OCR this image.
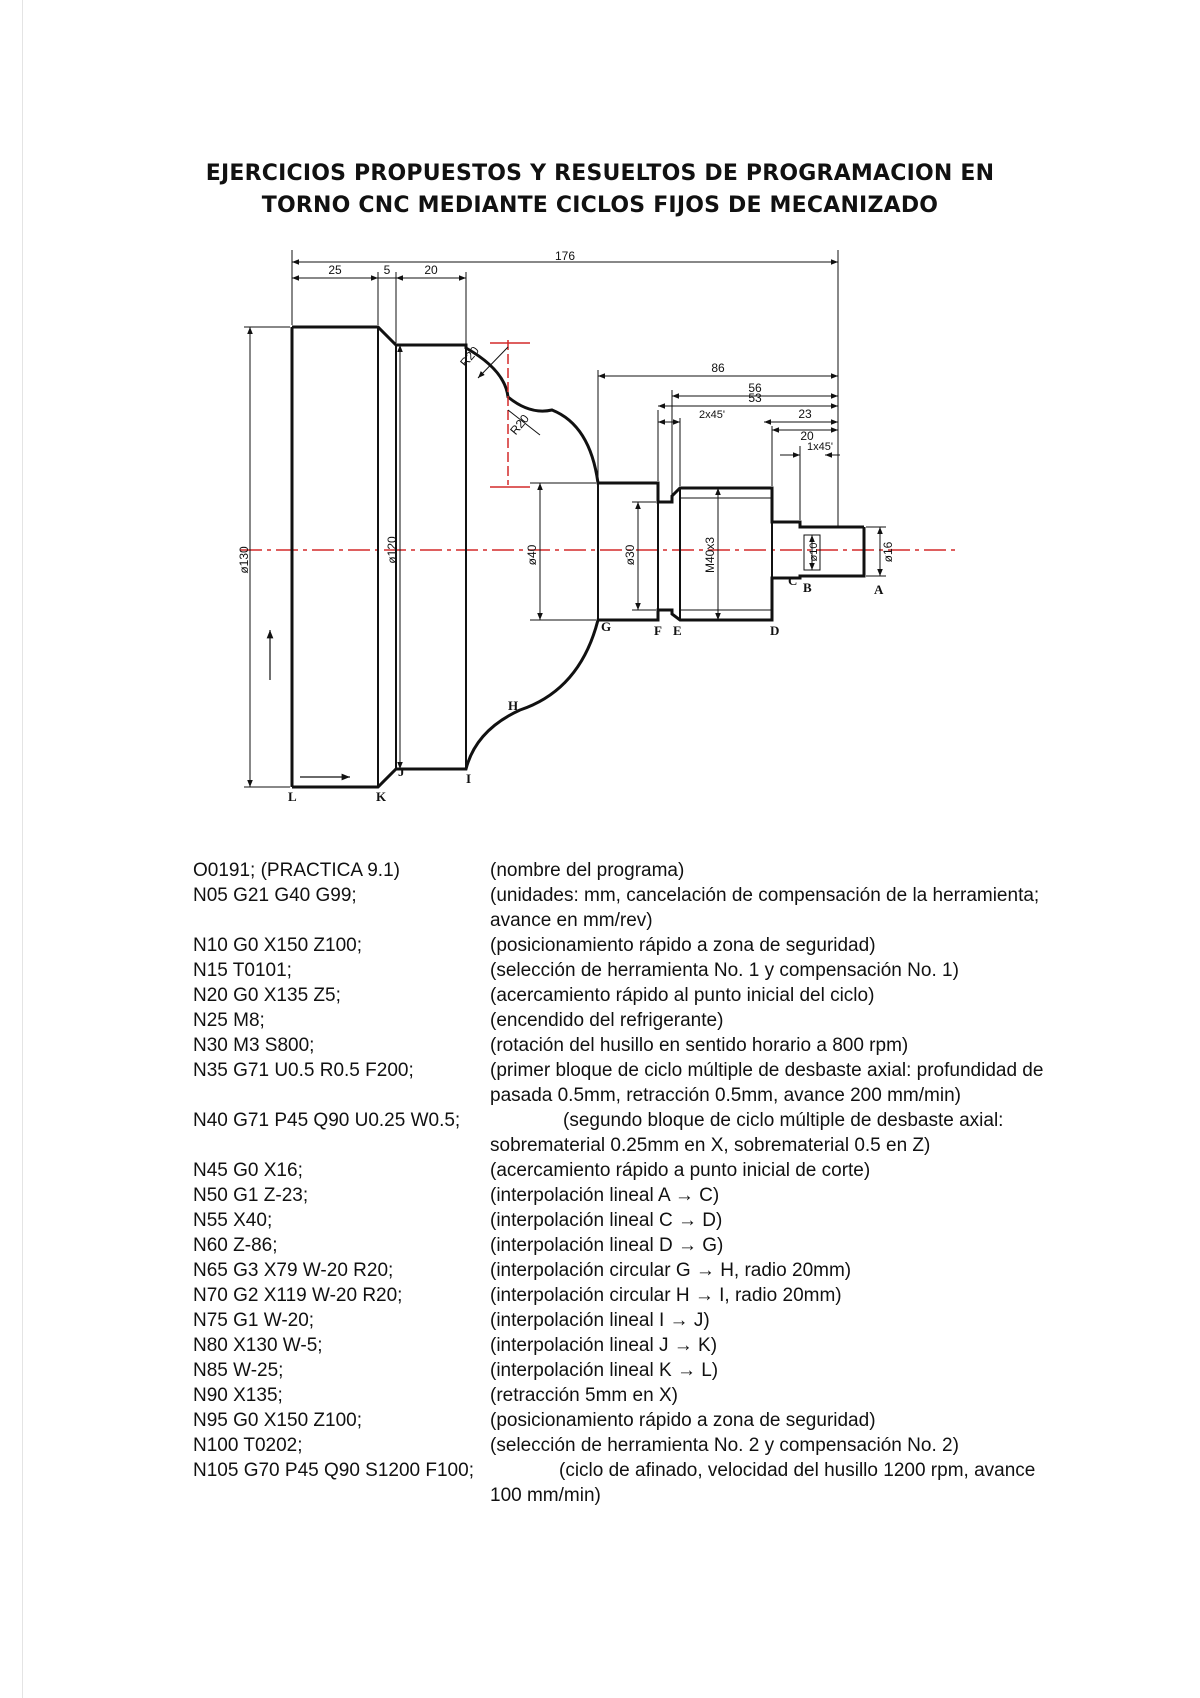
EJERCICIOS PROPUESTOS Y RESUELTOS DE PROGRAMACION EN
TORNO CNC MEDIANTE CICLOS FIJOS DE MECANIZADO
176
25	5	20
86
56
53
2x45'	23
20
1x45'
R20
R20
ø130	ø120	ø40	ø30	M40x3	ø10	ø16
A
B
C
D
E
F
G
H
I
J
K
L
O0191; (PRACTICA 9.1)	(nombre del programa)
N05 G21 G40 G99;	(unidades: mm, cancelación de compensación de la herramienta;
avance en mm/rev)
N10 G0 X150 Z100;	(posicionamiento rápido a zona de seguridad)
N15 T0101;	(selección de herramienta No. 1 y compensación No. 1)
N20 G0 X135 Z5;	(acercamiento rápido al punto inicial del ciclo)
N25 M8;	(encendido del refrigerante)
N30 M3 S800;	(rotación del husillo en sentido horario a 800 rpm)
N35 G71 U0.5 R0.5 F200;	(primer bloque de ciclo múltiple de desbaste axial: profundidad de
pasada 0.5mm, retracción 0.5mm, avance 200 mm/min)
N40 G71 P45 Q90 U0.25 W0.5;	(segundo bloque de ciclo múltiple de desbaste axial:
sobrematerial 0.25mm en X, sobrematerial 0.5 en Z)
N45 G0 X16;	(acercamiento rápido a punto inicial de corte)
N50 G1 Z-23;	(interpolación lineal A → C)
N55 X40;	(interpolación lineal C → D)
N60 Z-86;	(interpolación lineal D → G)
N65 G3 X79 W-20 R20;	(interpolación circular G → H, radio 20mm)
N70 G2 X119 W-20 R20;	(interpolación circular H → I, radio 20mm)
N75 G1 W-20;	(interpolación lineal I → J)
N80 X130 W-5;	(interpolación lineal J → K)
N85 W-25;	(interpolación lineal K → L)
N90 X135;	(retracción 5mm en X)
N95 G0 X150 Z100;	(posicionamiento rápido a zona de seguridad)
N100 T0202;	(selección de herramienta No. 2 y compensación No. 2)
N105 G70 P45 Q90 S1200 F100;	(ciclo de afinado, velocidad del husillo 1200 rpm, avance
100 mm/min)
